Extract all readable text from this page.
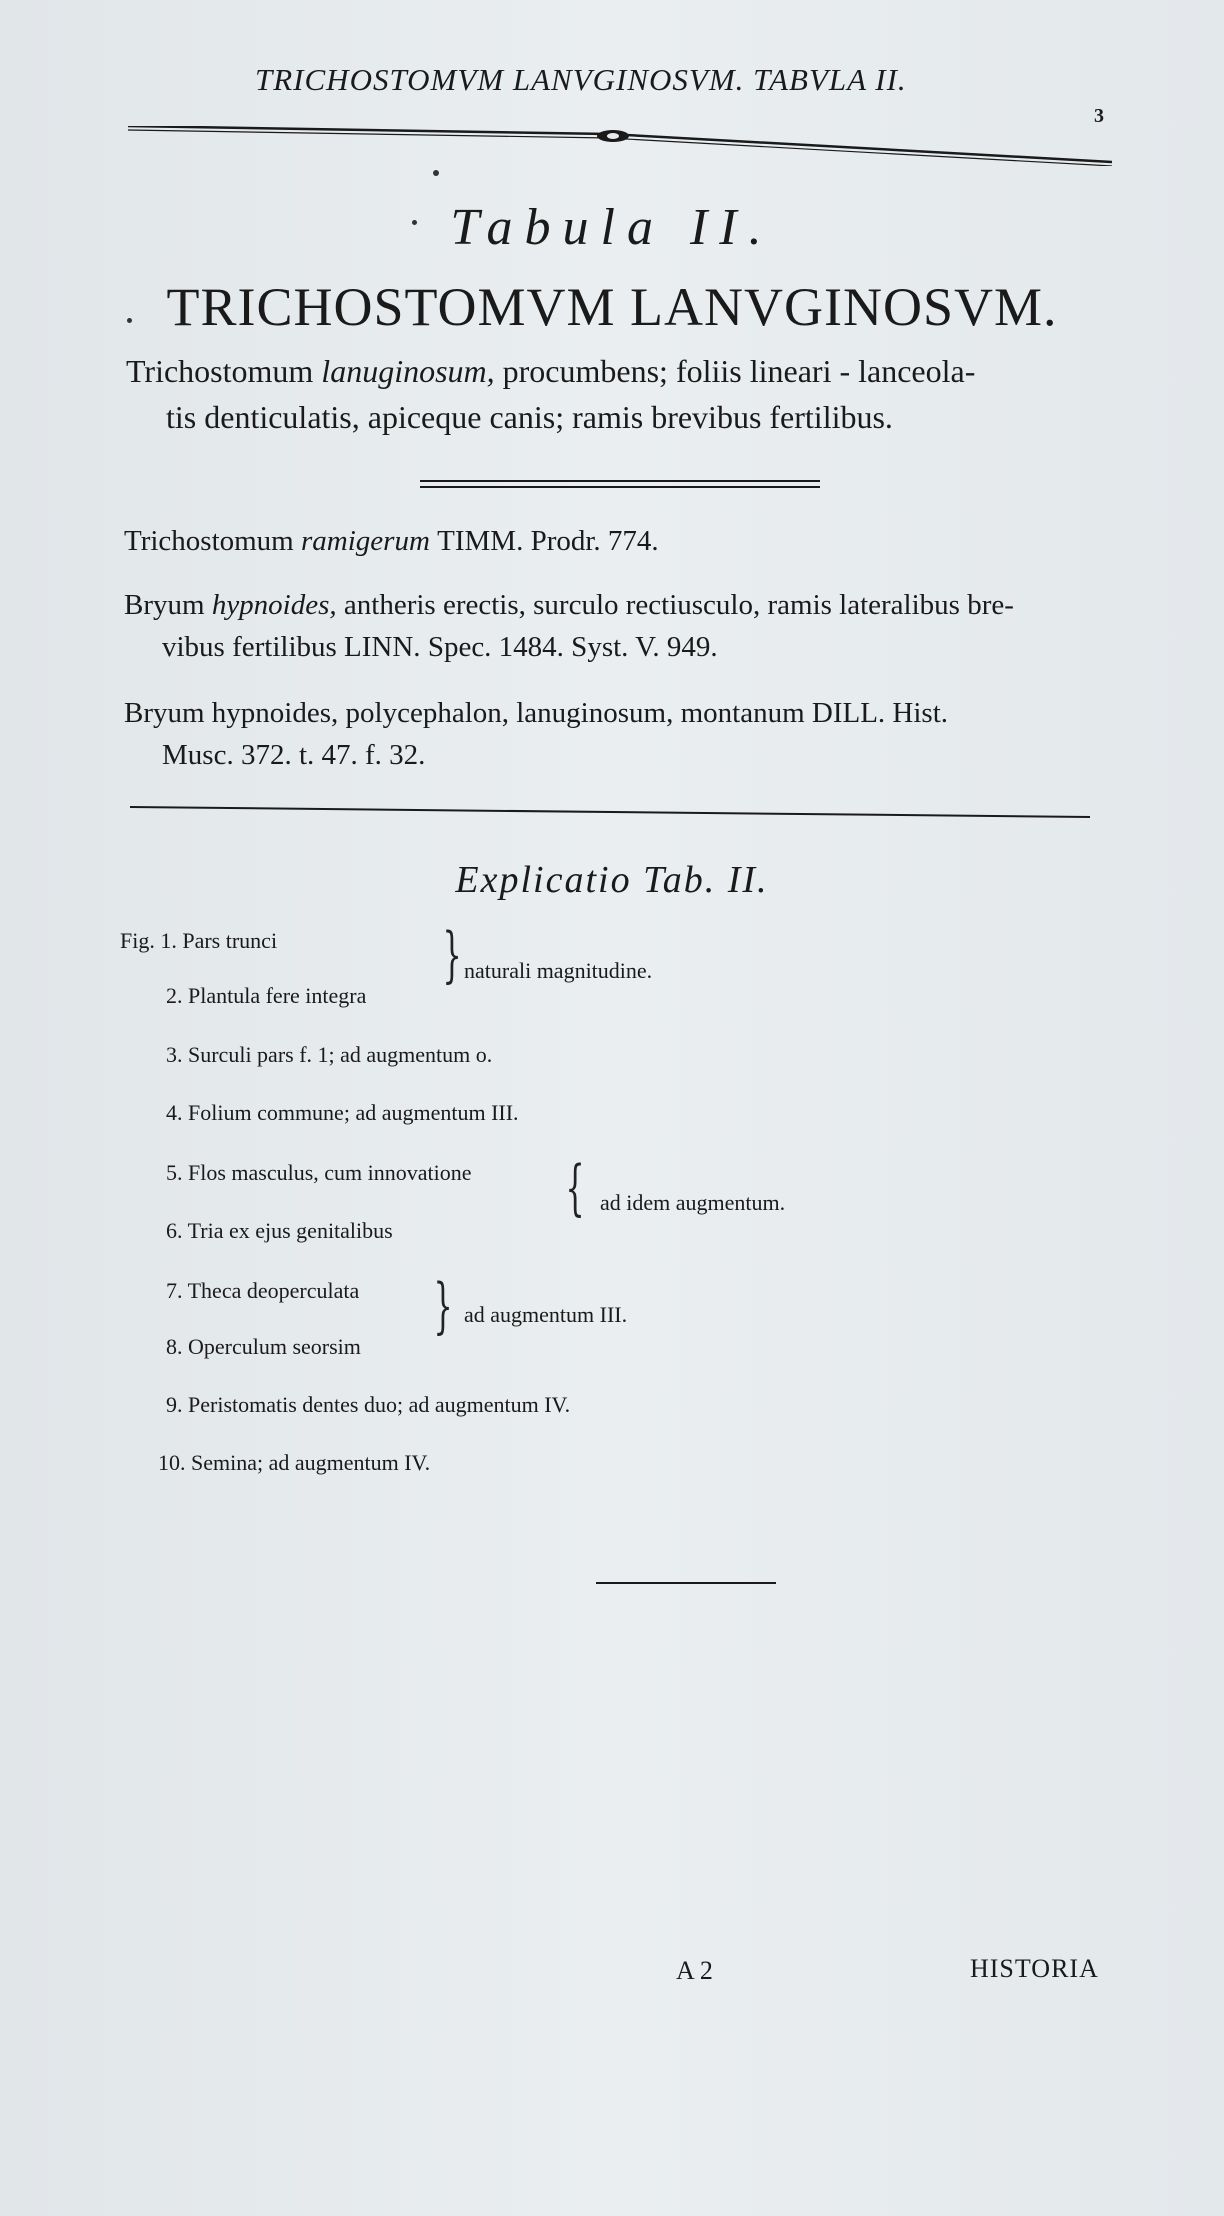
TRICHOSTOMVM LANVGINOSVM. TABVLA II.
3
Tabula II.
TRICHOSTOMVM LANVGINOSVM.
Trichostomum lanuginosum, procumbens; foliis lineari - lanceola-
tis denticulatis, apiceque canis; ramis brevibus fertilibus.
Trichostomum ramigerum TIMM. Prodr. 774.
Bryum hypnoides, antheris erectis, surculo rectiusculo, ramis lateralibus bre-
vibus fertilibus LINN. Spec. 1484. Syst. V. 949.
Bryum hypnoides, polycephalon, lanuginosum, montanum DILL. Hist.
Musc. 372. t. 47. f. 32.
Explicatio Tab. II.
Fig. 1. Pars trunci
2. Plantula fere integra
} naturali magnitudine.
3. Surculi pars f. 1; ad augmentum o.
4. Folium commune; ad augmentum III.
5. Flos masculus, cum innovatione
6. Tria ex ejus genitalibus
{ ad idem augmentum.
7. Theca deoperculata
8. Operculum seorsim
} ad augmentum III.
9. Peristomatis dentes duo; ad augmentum IV.
10. Semina; ad augmentum IV.
A 2	HISTORIA
